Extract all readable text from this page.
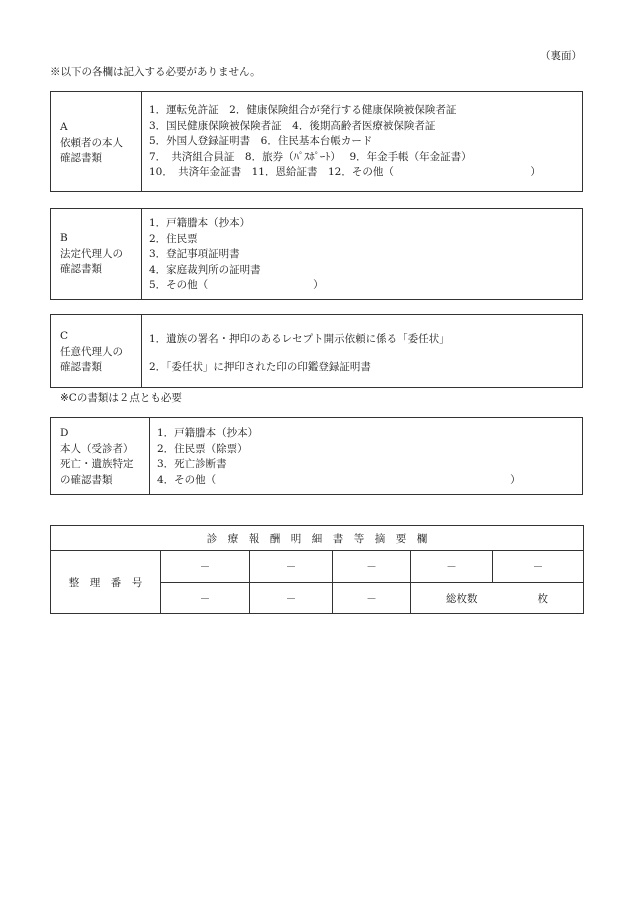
（裏面）
※以下の各欄は記入する必要がありません。
A
依頼者の本人
確認書類
1．運転免許証　2．健康保険組合が発行する健康保険被保険者証
3．国民健康保険被保険者証　4．後期高齢者医療被保険者証
5．外国人登録証明書　6．住民基本台帳カード
7．　共済組合員証　8．旅券（ﾊﾟｽﾎﾟｰﾄ）　 9．年金手帳（年金証書）
10．　共済年金証書　11．恩給証書　12．その他（　　　　　　　　　　　　　）
B
法定代理人の
確認書類
1．戸籍謄本（抄本）
2．住民票
3．登記事項証明書
4．家庭裁判所の証明書
5．その他（　　　　　　　　　　）
C
任意代理人の
確認書類
1．遺族の署名・押印のあるレセプト開示依頼に係る「委任状」
2．「委任状」に押印された印の印鑑登録証明書
※Cの書類は２点とも必要
D
本人（受診者）
死亡・遺族特定
の確認書類
1．戸籍謄本（抄本）
2．住民票（除票）
3．死亡診断書
4．その他（　　　　　　　　　　　　　　　　　　　　　　　　　　　　）
診　療　報　酬　明　細　書　等　摘　要　欄					
整　理　番　号	－	－	－	－	－
	－	－	－	総枚数 枚	
